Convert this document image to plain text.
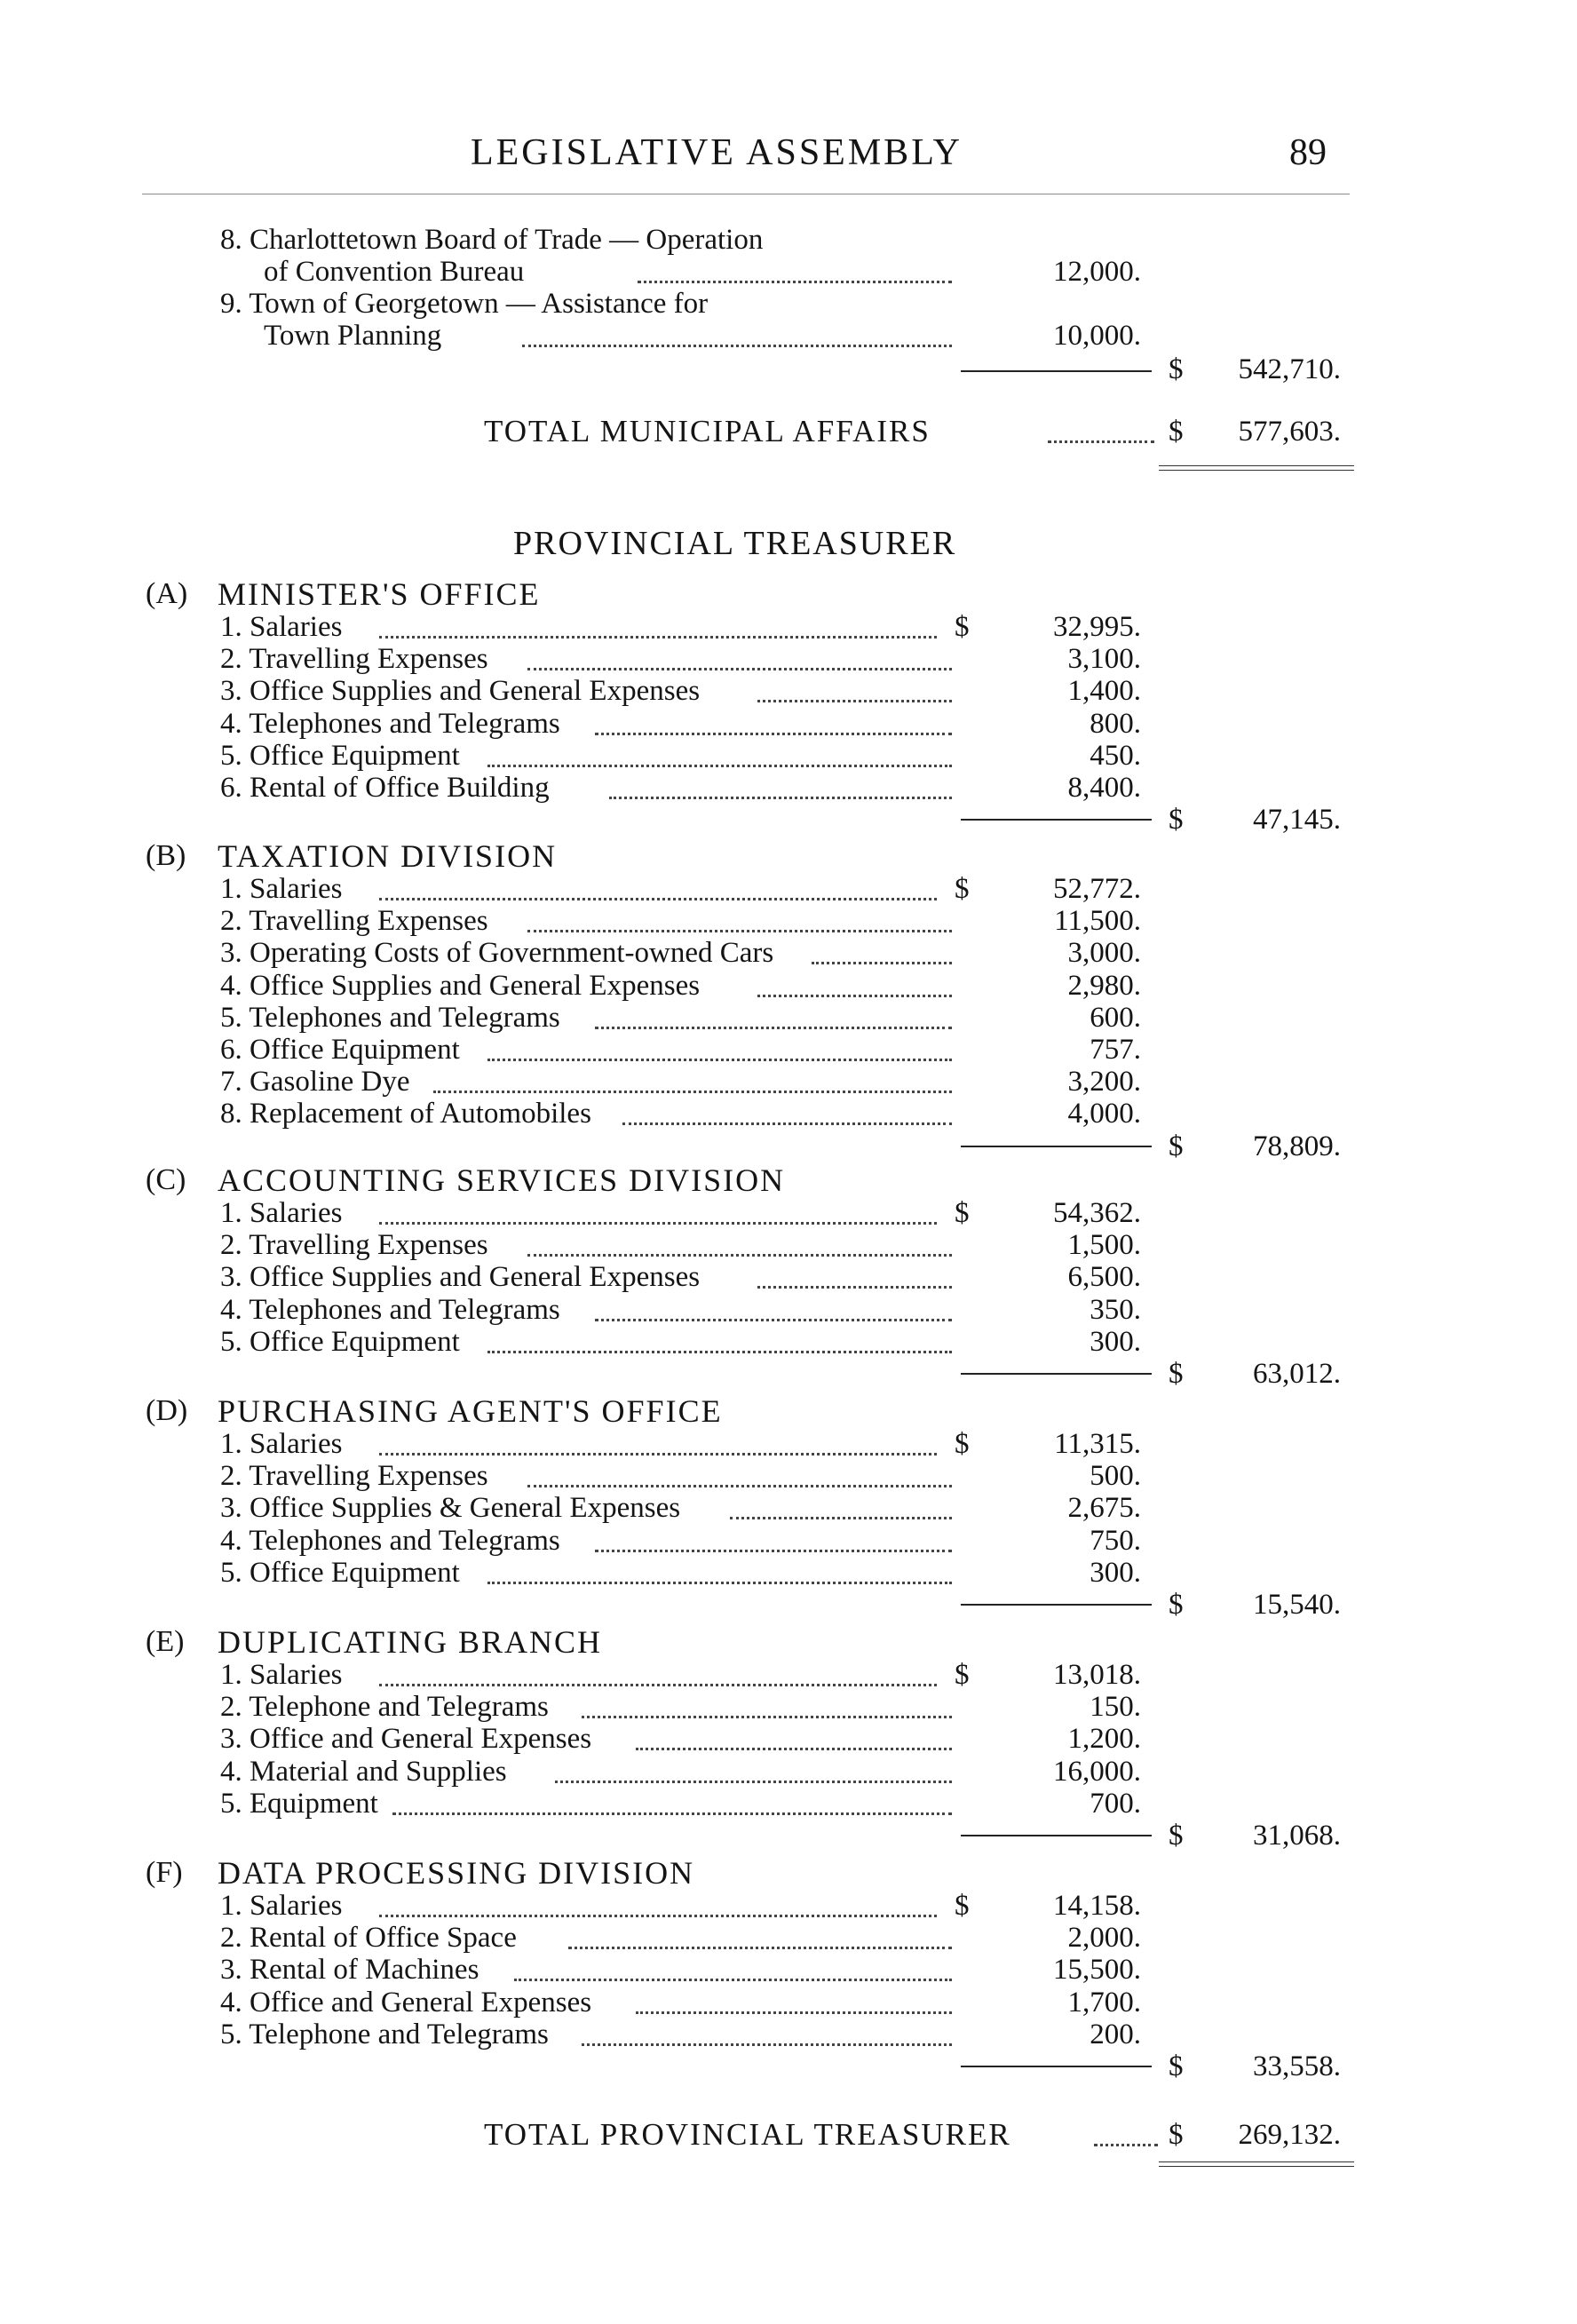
LEGISLATIVE ASSEMBLY	89
8. Charlottetown Board of Trade — Operation
of Convention Bureau	12,000.
9. Town of Georgetown — Assistance for
Town Planning	10,000.
$	542,710.
TOTAL MUNICIPAL AFFAIRS	$	577,603.
PROVINCIAL TREASURER
(A) MINISTER'S OFFICE
1. Salaries	$	32,995.
2. Travelling Expenses	3,100.
3. Office Supplies and General Expenses	1,400.
4. Telephones and Telegrams	800.
5. Office Equipment	450.
6. Rental of Office Building	8,400.
$	47,145.
(B) TAXATION DIVISION
1. Salaries	$	52,772.
2. Travelling Expenses	11,500.
3. Operating Costs of Government-owned Cars	3,000.
4. Office Supplies and General Expenses	2,980.
5. Telephones and Telegrams	600.
6. Office Equipment	757.
7. Gasoline Dye	3,200.
8. Replacement of Automobiles	4,000.
$	78,809.
(C) ACCOUNTING SERVICES DIVISION
1. Salaries	$	54,362.
2. Travelling Expenses	1,500.
3. Office Supplies and General Expenses	6,500.
4. Telephones and Telegrams	350.
5. Office Equipment	300.
$	63,012.
(D) PURCHASING AGENT'S OFFICE
1. Salaries	$	11,315.
2. Travelling Expenses	500.
3. Office Supplies & General Expenses	2,675.
4. Telephones and Telegrams	750.
5. Office Equipment	300.
$	15,540.
(E) DUPLICATING BRANCH
1. Salaries	$	13,018.
2. Telephone and Telegrams	150.
3. Office and General Expenses	1,200.
4. Material and Supplies	16,000.
5. Equipment	700.
$	31,068.
(F) DATA PROCESSING DIVISION
1. Salaries	$	14,158.
2. Rental of Office Space	2,000.
3. Rental of Machines	15,500.
4. Office and General Expenses	1,700.
5. Telephone and Telegrams	200.
$	33,558.
TOTAL PROVINCIAL TREASURER	$	269,132.
